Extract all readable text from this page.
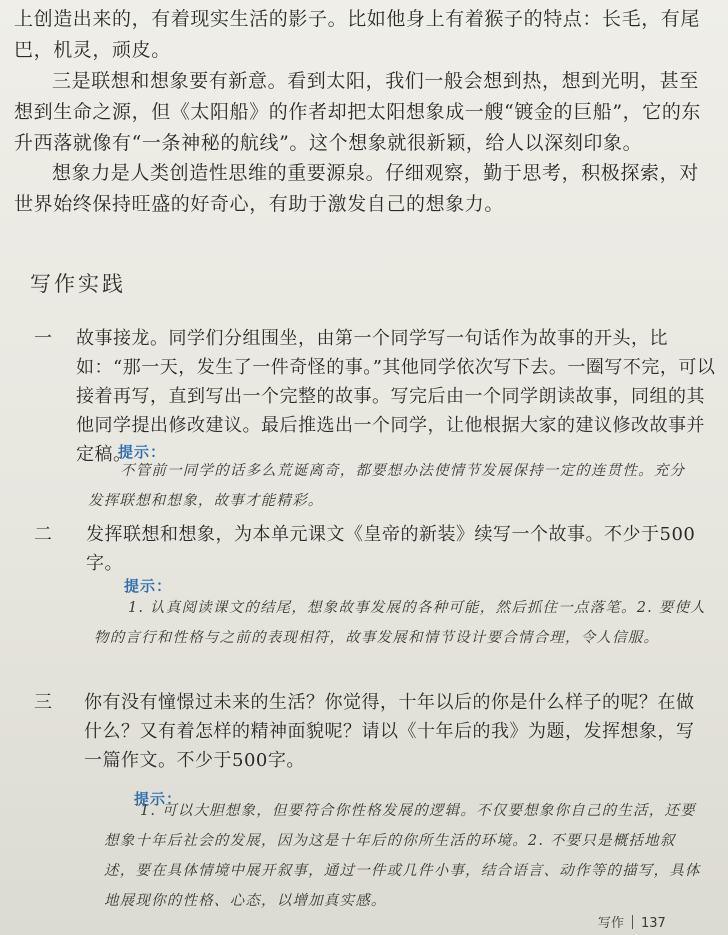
上创造出来的，有着现实生活的影子。比如他身上有着猴子的特点：长毛，有尾巴，机灵，顽皮。
三是联想和想象要有新意。看到太阳，我们一般会想到热，想到光明，甚至想到生命之源，但《太阳船》的作者却把太阳想象成一艘“镀金的巨船”，它的东升西落就像有“一条神秘的航线”。这个想象就很新颖，给人以深刻印象。
想象力是人类创造性思维的重要源泉。仔细观察，勤于思考，积极探索，对世界始终保持旺盛的好奇心，有助于激发自己的想象力。
写作实践
一	故事接龙。同学们分组围坐，由第一个同学写一句话作为故事的开头，比如：“那一天，发生了一件奇怪的事。”其他同学依次写下去。一圈写不完，可以接着再写，直到写出一个完整的故事。写完后由一个同学朗读故事，同组的其他同学提出修改建议。最后推选出一个同学，让他根据大家的建议修改故事并定稿。
提示：
不管前一同学的话多么荒诞离奇，都要想办法使情节发展保持一定的连贯性。充分发挥联想和想象，故事才能精彩。
二	发挥联想和想象，为本单元课文《皇帝的新装》续写一个故事。不少于500字。
提示：
1. 认真阅读课文的结尾，想象故事发展的各种可能，然后抓住一点落笔。2. 要使人物的言行和性格与之前的表现相符，故事发展和情节设计要合情合理，令人信服。
三	你有没有憧憬过未来的生活？你觉得，十年以后的你是什么样子的呢？在做什么？又有着怎样的精神面貌呢？请以《十年后的我》为题，发挥想象，写一篇作文。不少于500字。
提示：
1. 可以大胆想象，但要符合你性格发展的逻辑。不仅要想象你自己的生活，还要想象十年后社会的发展，因为这是十年后的你所生活的环境。2. 不要只是概括地叙述，要在具体情境中展开叙事，通过一件或几件小事，结合语言、动作等的描写，具体地展现你的性格、心态，以增加真实感。
写作 137
